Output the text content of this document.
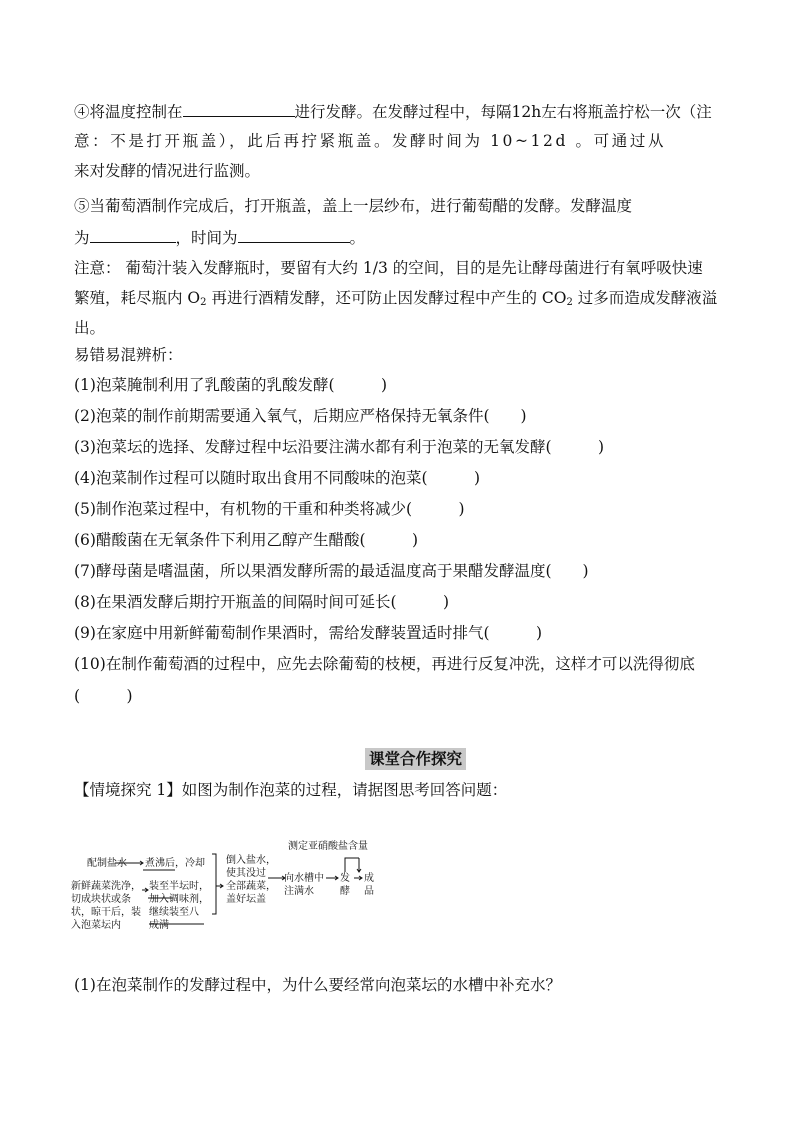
④将温度控制在	进行发酵。在发酵过程中，每隔12h左右将瓶盖拧松一次（注
意：不是打开瓶盖），此后再拧紧瓶盖。发酵时间为 10~12d 。可通过从
来对发酵的情况进行监测。
⑤当葡萄酒制作完成后，打开瓶盖，盖上一层纱布，进行葡萄醋的发酵。发酵温度
为	，时间为	。
注意： 葡萄汁装入发酵瓶时，要留有大约 1/3 的空间，目的是先让酵母菌进行有氧呼吸快速
繁殖，耗尽瓶内 $O_2$ 再进行酒精发酵，还可防止因发酵过程中产生的 $CO_2$ 过多而造成发酵液溢
出。
易错易混辨析：
(1)泡菜腌制利用了乳酸菌的乳酸发酵(　　　)
(2)泡菜的制作前期需要通入氧气，后期应严格保持无氧条件(　　)
(3)泡菜坛的选择、发酵过程中坛沿要注满水都有利于泡菜的无氧发酵(　　　)
(4)泡菜制作过程可以随时取出食用不同酸味的泡菜(　　　)
(5)制作泡菜过程中，有机物的干重和种类将减少(　　　)
(6)醋酸菌在无氧条件下利用乙醇产生醋酸(　　　)
(7)酵母菌是嗜温菌，所以果酒发酵所需的最适温度高于果醋发酵温度(　　)
(8)在果酒发酵后期拧开瓶盖的间隔时间可延长(　　　)
(9)在家庭中用新鲜葡萄制作果酒时，需给发酵装置适时排气(　　　)
(10)在制作葡萄酒的过程中，应先去除葡萄的枝梗，再进行反复冲洗，这样才可以洗得彻底
(　　　)
课堂合作探究
【情境探究 1】如图为制作泡菜的过程，请据图思考回答问题：
配制盐水 煮沸后，冷却
新鲜蔬菜洗净，
切成块状或条
状，晾干后，装
入泡菜坛内
装至半坛时，
加入调味剂，
继续装至八
成满
倒入盐水，
使其没过
全部蔬菜，
盖好坛盖
向水槽中
注满水
测定亚硝酸盐含量
发
酵
成
品
(1)在泡菜制作的发酵过程中，为什么要经常向泡菜坛的水槽中补充水？
